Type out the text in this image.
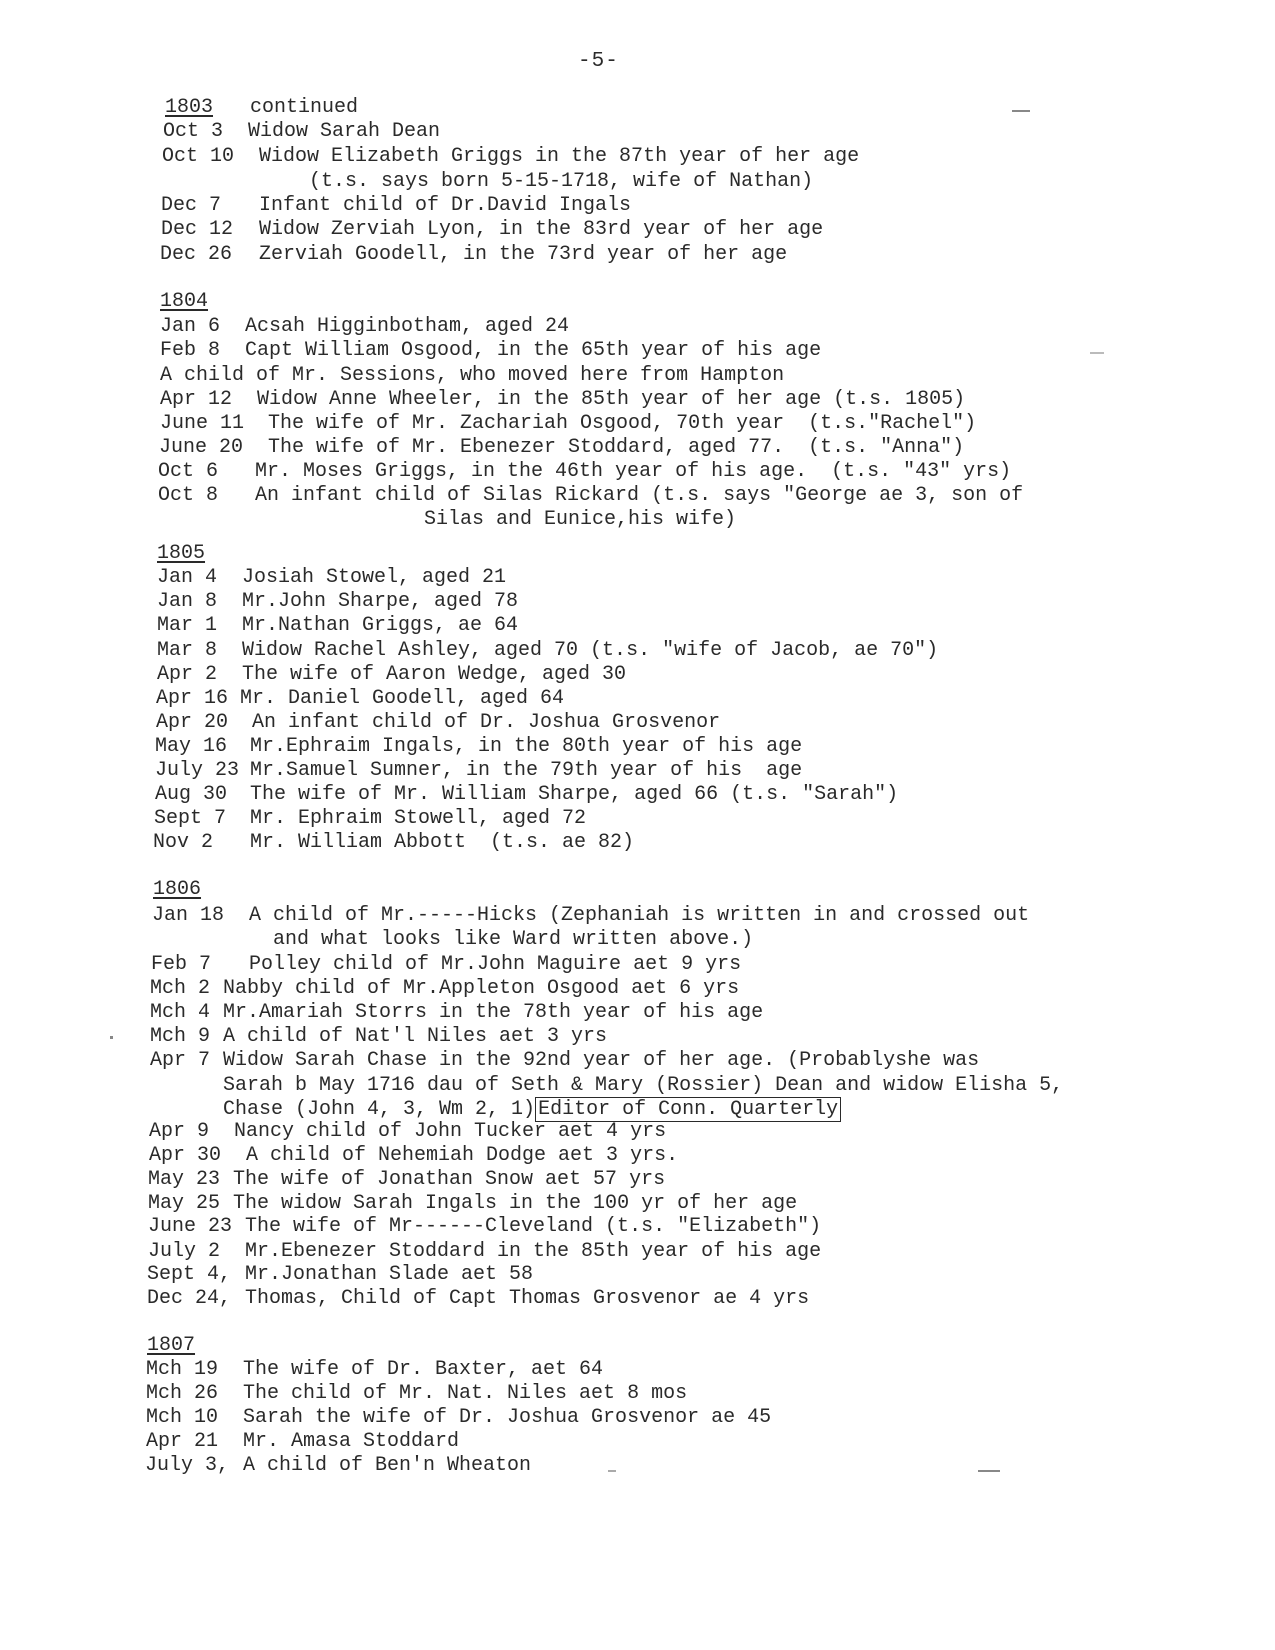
-5-
1803 continued
Oct 3 Widow Sarah Dean
Oct 10 Widow Elizabeth Griggs in the 87th year of her age
(t.s. says born 5-15-1718, wife of Nathan)
Dec 7 Infant child of Dr.David Ingals
Dec 12 Widow Zerviah Lyon, in the 83rd year of her age
Dec 26 Zerviah Goodell, in the 73rd year of her age
1804
Jan 6 Acsah Higginbotham, aged 24
Feb 8 Capt William Osgood, in the 65th year of his age
A child of Mr. Sessions, who moved here from Hampton
Apr 12 Widow Anne Wheeler, in the 85th year of her age (t.s. 1805)
June 11 The wife of Mr. Zachariah Osgood, 70th year  (t.s."Rachel")
June 20 The wife of Mr. Ebenezer Stoddard, aged 77.  (t.s. "Anna")
Oct 6 Mr. Moses Griggs, in the 46th year of his age.  (t.s. "43" yrs)
Oct 8 An infant child of Silas Rickard (t.s. says "George ae 3, son of
Silas and Eunice,his wife)
1805
Jan 4 Josiah Stowel, aged 21
Jan 8 Mr.John Sharpe, aged 78
Mar 1 Mr.Nathan Griggs, ae 64
Mar 8 Widow Rachel Ashley, aged 70 (t.s. "wife of Jacob, ae 70")
Apr 2 The wife of Aaron Wedge, aged 30
Apr 16 Mr. Daniel Goodell, aged 64
Apr 20 An infant child of Dr. Joshua Grosvenor
May 16 Mr.Ephraim Ingals, in the 80th year of his age
July 23 Mr.Samuel Sumner, in the 79th year of his  age
Aug 30 The wife of Mr. William Sharpe, aged 66 (t.s. "Sarah")
Sept 7 Mr. Ephraim Stowell, aged 72
Nov 2 Mr. William Abbott  (t.s. ae 82)
1806
Jan 18 A child of Mr.-----Hicks (Zephaniah is written in and crossed out
and what looks like Ward written above.)
Feb 7 Polley child of Mr.John Maguire aet 9 yrs
Mch 2 Nabby child of Mr.Appleton Osgood aet 6 yrs
Mch 4 Mr.Amariah Storrs in the 78th year of his age
Mch 9 A child of Nat'l Niles aet 3 yrs
Apr 7 Widow Sarah Chase in the 92nd year of her age. (Probablyshe was
Sarah b May 1716 dau of Seth & Mary (Rossier) Dean and widow Elisha 5,
Chase (John 4, 3, Wm 2, 1) Editor of Conn. Quarterly
Apr 9 Nancy child of John Tucker aet 4 yrs
Apr 30 A child of Nehemiah Dodge aet 3 yrs.
May 23 The wife of Jonathan Snow aet 57 yrs
May 25 The widow Sarah Ingals in the 100 yr of her age
June 23 The wife of Mr------Cleveland (t.s. "Elizabeth")
July 2 Mr.Ebenezer Stoddard in the 85th year of his age
Sept 4, Mr.Jonathan Slade aet 58
Dec 24, Thomas, Child of Capt Thomas Grosvenor ae 4 yrs
1807
Mch 19 The wife of Dr. Baxter, aet 64
Mch 26 The child of Mr. Nat. Niles aet 8 mos
Mch 10 Sarah the wife of Dr. Joshua Grosvenor ae 45
Apr 21 Mr. Amasa Stoddard
July 3, A child of Ben'n Wheaton
